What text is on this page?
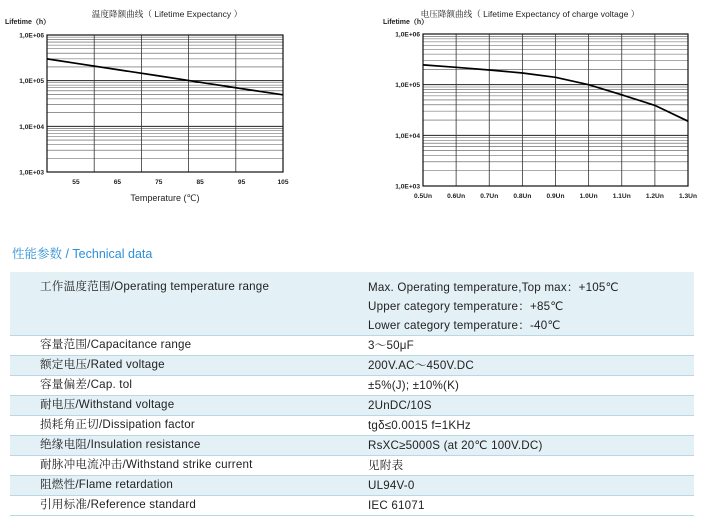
温度降额曲线（ Lifetime Expectancy ）
Lifetime（h）
1,0E+03
1,0E+04
1,0E+05
1,0E+06
55	65	75	85	95	105
Temperature (℃)
电压降额曲线（ Lifetime Expectancy of charge voltage ）
Lifetime（h）
1,0E+03
1,0E+04
1,0E+05
1,0E+06
0.5Un 0.6Un 0.7Un 0.8Un 0.9Un 1.0Un 1.1Un 1.2Un 1.3Un
性能参数 / Technical data
工作温度范围/Operating temperature range	Max. Operating temperature,Top max：+105℃
Upper category temperature：+85℃
Lower category temperature：-40℃

容量范围/Capacitance range	3～50μF

额定电压/Rated voltage	200V.AC～450V.DC

容量偏差/Cap. tol	±5%(J); ±10%(K)

耐电压/Withstand voltage	2UnDC/10S

损耗角正切/Dissipation factor	tgδ≤0.0015 f=1KHz

绝缘电阻/Insulation resistance	RsXC≥5000S (at 20℃ 100V.DC)

耐脉冲电流冲击/Withstand strike current	见附表

阻燃性/Flame retardation	UL94V-0

引用标准/Reference standard	IEC 61071
